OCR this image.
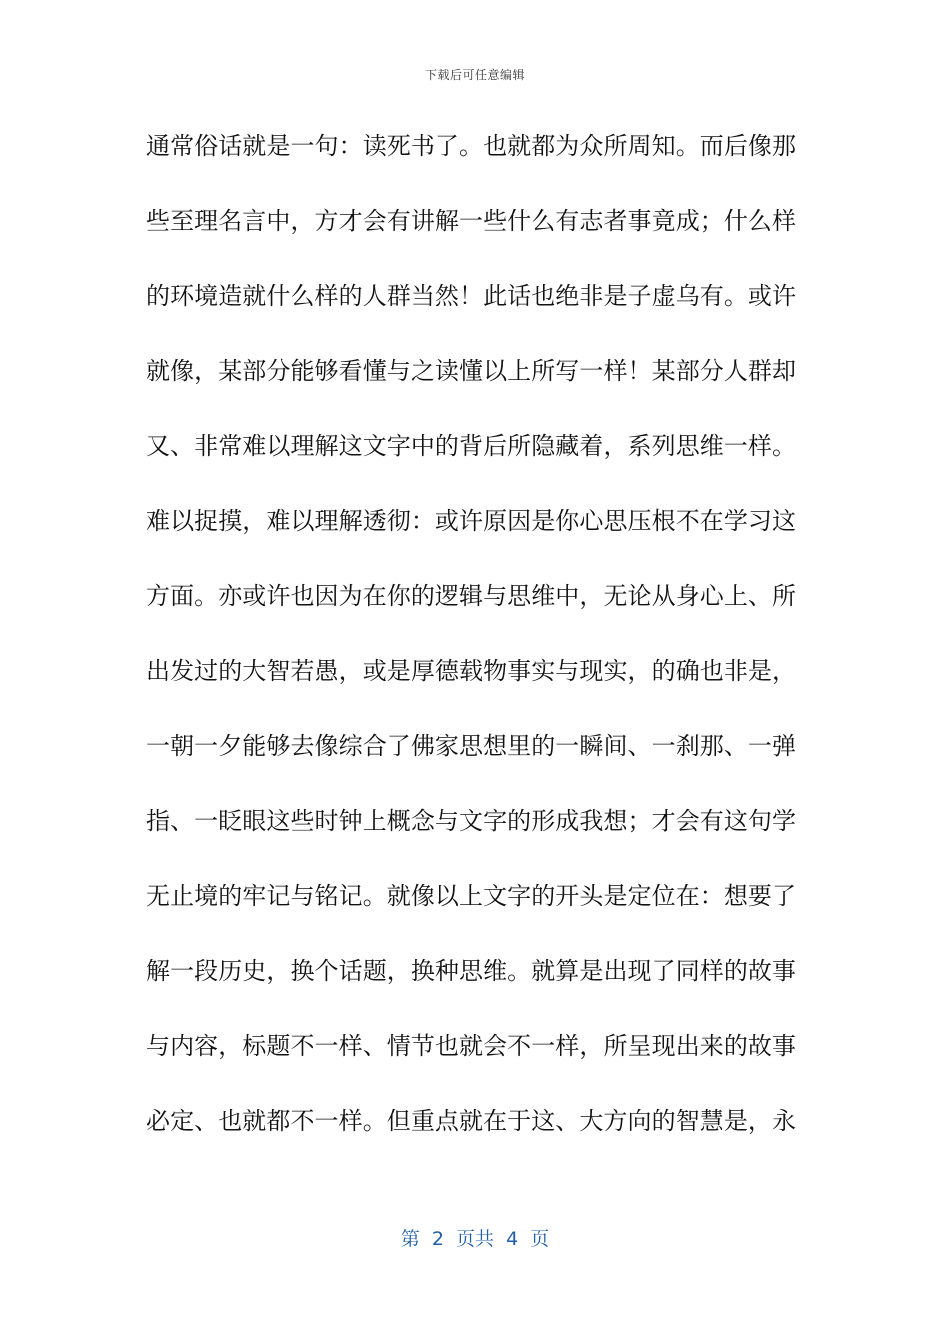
下载后可任意编辑
通常俗话就是一句：读死书了。也就都为众所周知。而后像那
些至理名言中，方才会有讲解一些什么有志者事竟成；什么样
的环境造就什么样的人群当然！此话也绝非是子虚乌有。或许
就像，某部分能够看懂与之读懂以上所写一样！某部分人群却
又、非常难以理解这文字中的背后所隐藏着，系列思维一样。
难以捉摸，难以理解透彻：或许原因是你心思压根不在学习这
方面。亦或许也因为在你的逻辑与思维中，无论从身心上、所
出发过的大智若愚，或是厚德载物事实与现实，的确也非是，
一朝一夕能够去像综合了佛家思想里的一瞬间、一刹那、一弹
指、一眨眼这些时钟上概念与文字的形成我想；才会有这句学
无止境的牢记与铭记。就像以上文字的开头是定位在：想要了
解一段历史，换个话题，换种思维。就算是出现了同样的故事
与内容，标题不一样、情节也就会不一样，所呈现出来的故事
必定、也就都不一样。但重点就在于这、大方向的智慧是，永
第  2  页共  4  页
